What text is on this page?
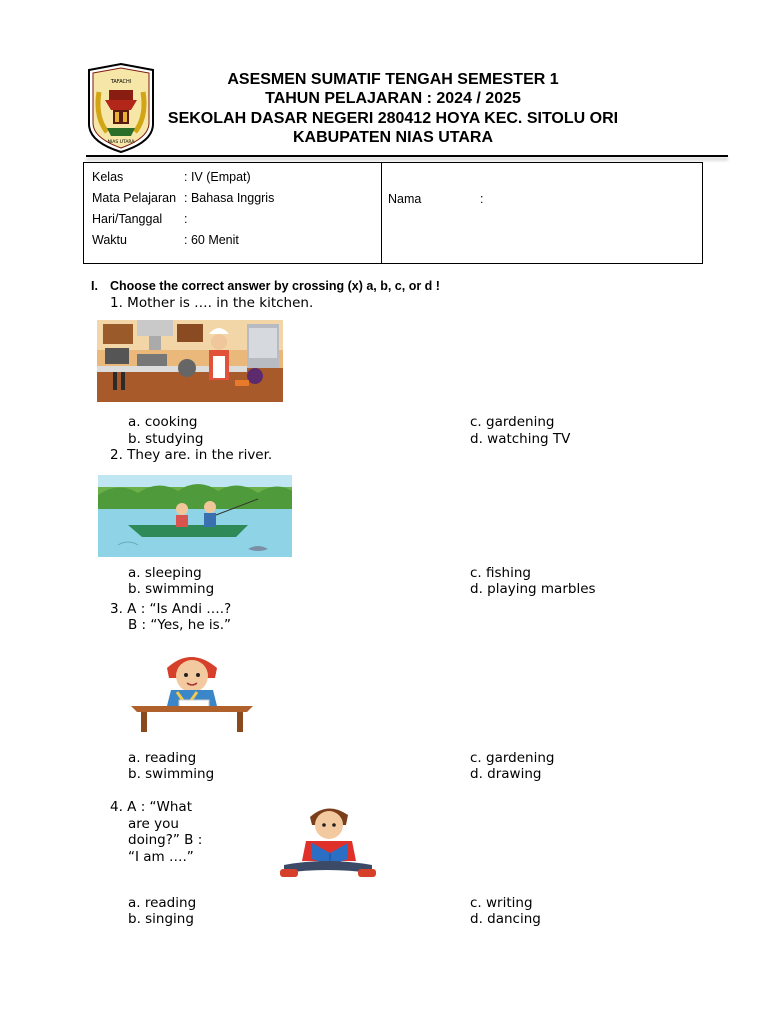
TAFACHI
NIAS UTARA
ASESMEN SUMATIF TENGAH SEMESTER 1
TAHUN PELAJARAN : 2024 / 2025
SEKOLAH DASAR NEGERI 280412 HOYA KEC. SITOLU ORI
KABUPATEN NIAS UTARA
Kelas	: IV (Empat)
Mata Pelajaran : Bahasa Inggris
Hari/Tanggal :
Waktu	: 60 Menit
Nama	:
I. Choose the correct answer by crossing (x) a, b, c, or d !
1. Mother is …. in the kitchen.
a. cooking
b. studying
c. gardening
d. watching TV
2. They are. in the river.
a. sleeping
b. swimming
c. fishing
d. playing marbles
3. A : “Is Andi ….?
B : “Yes, he is.”
a. reading
b. swimming
c. gardening
d. drawing
4. A : “What
are you
doing?” B :
“I am ….”
a. reading
b. singing
c. writing
d. dancing
